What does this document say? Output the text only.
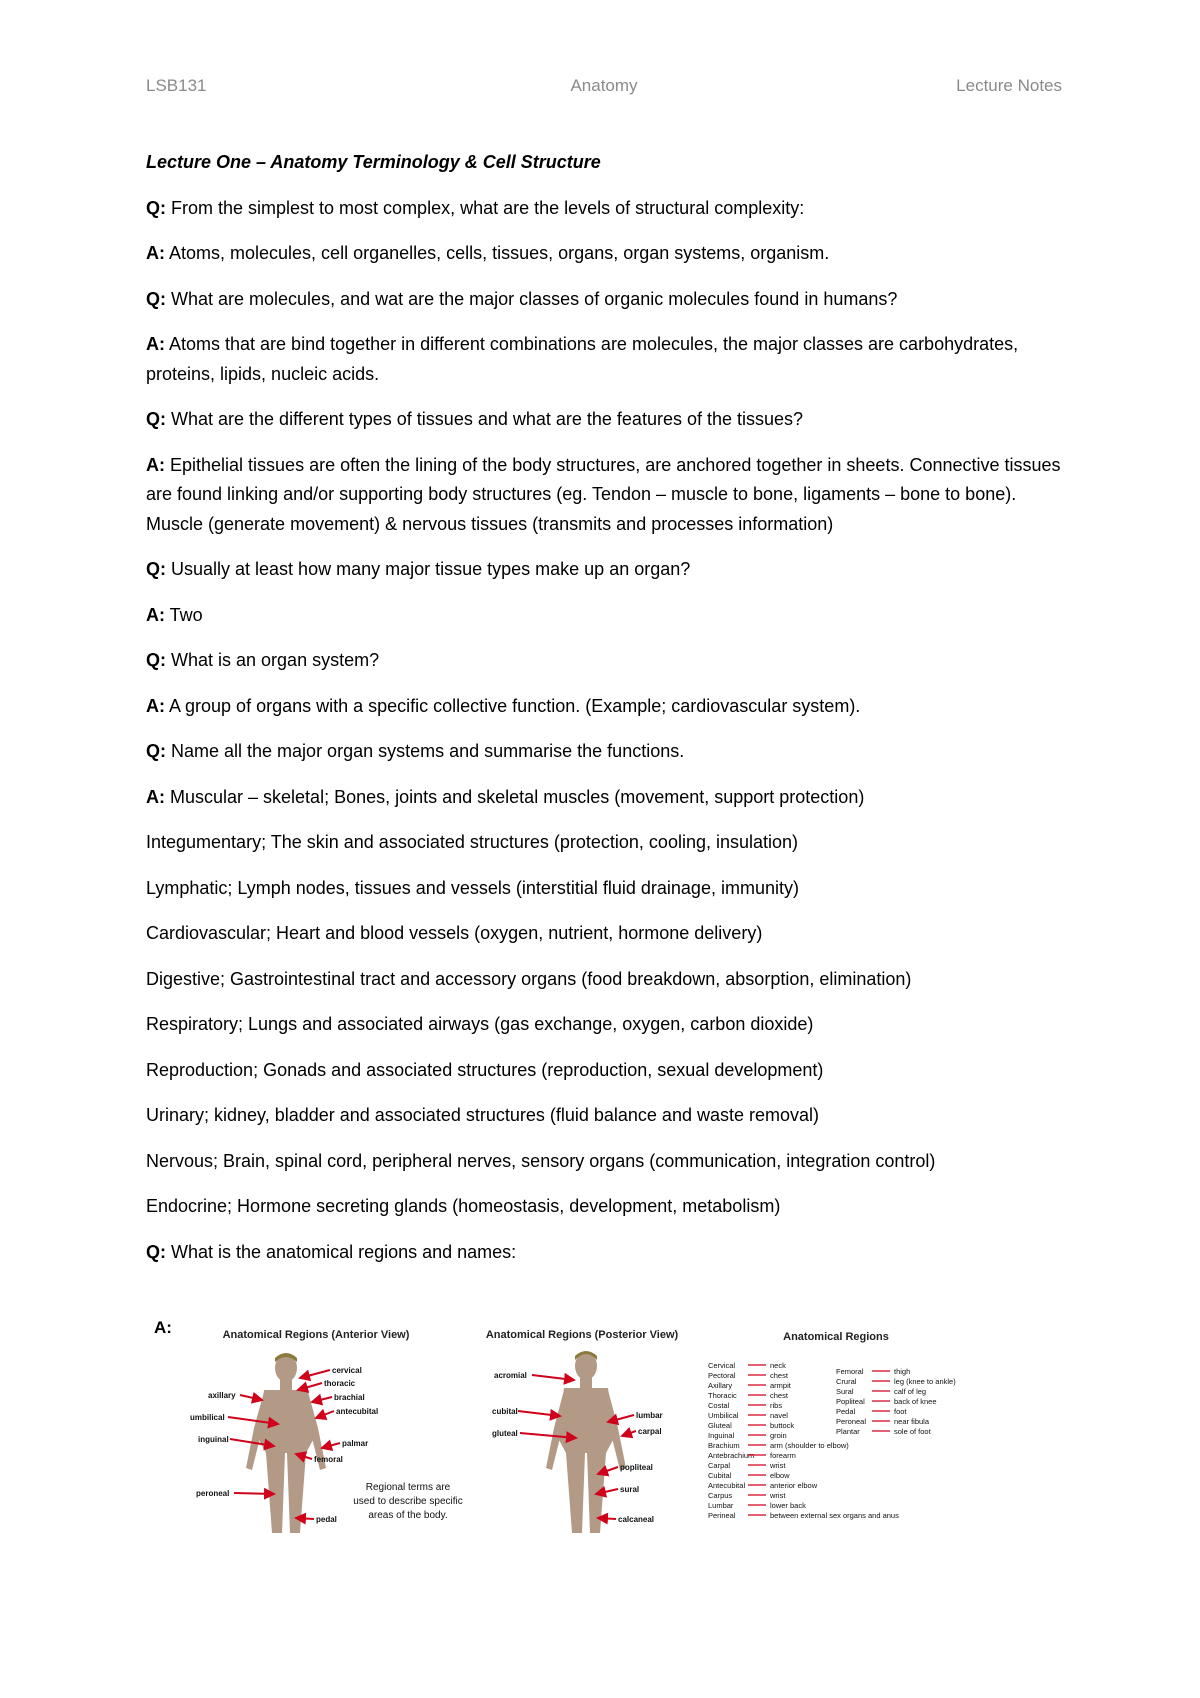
LSB131	Anatomy	Lecture Notes

Lecture One – Anatomy Terminology & Cell Structure

Q: From the simplest to most complex, what are the levels of structural complexity:

A: Atoms, molecules, cell organelles, cells, tissues, organs, organ systems, organism.

Q: What are molecules, and wat are the major classes of organic molecules found in humans?

A: Atoms that are bind together in different combinations are molecules, the major classes are carbohydrates, proteins, lipids, nucleic acids.

Q: What are the different types of tissues and what are the features of the tissues?

A: Epithelial tissues are often the lining of the body structures, are anchored together in sheets. Connective tissues are found linking and/or supporting body structures (eg. Tendon – muscle to bone, ligaments – bone to bone). Muscle (generate movement) & nervous tissues (transmits and processes information)

Q: Usually at least how many major tissue types make up an organ?

A: Two

Q: What is an organ system?

A: A group of organs with a specific collective function. (Example; cardiovascular system).

Q: Name all the major organ systems and summarise the functions.

A: Muscular – skeletal; Bones, joints and skeletal muscles (movement, support protection)

Integumentary; The skin and associated structures (protection, cooling, insulation)

Lymphatic; Lymph nodes, tissues and vessels (interstitial fluid drainage, immunity)

Cardiovascular; Heart and blood vessels (oxygen, nutrient, hormone delivery)

Digestive; Gastrointestinal tract and accessory organs (food breakdown, absorption, elimination)

Respiratory; Lungs and associated airways (gas exchange, oxygen, carbon dioxide)

Reproduction; Gonads and associated structures (reproduction, sexual development)

Urinary; kidney, bladder and associated structures (fluid balance and waste removal)

Nervous; Brain, spinal cord, peripheral nerves, sensory organs (communication, integration control)

Endocrine; Hormone secreting glands (homeostasis, development, metabolism)

Q: What is the anatomical regions and names:

A:	Anatomical Regions (Anterior View)
cervical
thoracic
axillary	brachial
antecubital
umbilical
inguinal	palmar
femoral
peroneal
pedal
Regional terms are
used to describe specific
areas of the body.
Anatomical Regions (Posterior View)
acromial
lumbar
carpal
gluteal
cubital
popliteal
sural
calcaneal
Anatomical Regions
Cervical	neck
Pectoral	chest
Axillary	armpit
Thoracic	chest
Costal	ribs
Umbilical	navel
Gluteal	buttock
Inguinal	groin
Brachium	arm (shoulder to elbow)
Antebrachium forearm
Carpal	wrist
Cubital	elbow
Antecubital	anterior elbow
Carpus	wrist
Lumbar	lower back
Perineal	between external sex organs and anus
Femoral	thigh
Crural	leg (knee to ankle)
Sural	calf of leg
Popliteal	back of knee
Pedal	foot
Peroneal	near fibula
Plantar	sole of foot
